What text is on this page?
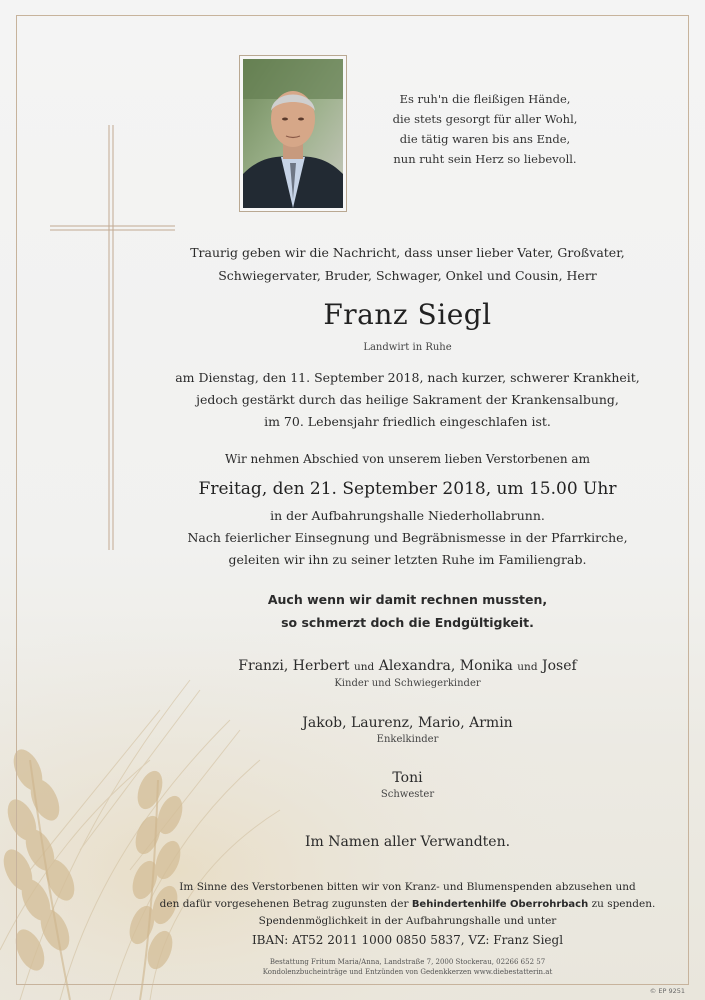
Es ruh'n die fleißigen Hände,
die stets gesorgt für aller Wohl,
die tätig waren bis ans Ende,
nun ruht sein Herz so liebevoll.
Traurig geben wir die Nachricht, dass unser lieber Vater, Großvater,
Schwiegervater, Bruder, Schwager, Onkel und Cousin, Herr
Franz Siegl
Landwirt in Ruhe
am Dienstag, den 11. September 2018, nach kurzer, schwerer Krankheit,
jedoch gestärkt durch das heilige Sakrament der Krankensalbung,
im 70. Lebensjahr friedlich eingeschlafen ist.
Wir nehmen Abschied von unserem lieben Verstorbenen am
Freitag, den 21. September 2018, um 15.00 Uhr
in der Aufbahrungshalle Niederhollabrunn.
Nach feierlicher Einsegnung und Begräbnismesse in der Pfarrkirche,
geleiten wir ihn zu seiner letzten Ruhe im Familiengrab.
Auch wenn wir damit rechnen mussten,
so schmerzt doch die Endgültigkeit.
Franzi, Herbert und Alexandra, Monika und Josef
Kinder und Schwiegerkinder
Jakob, Laurenz, Mario, Armin
Enkelkinder
Toni
Schwester
Im Namen aller Verwandten.
Im Sinne des Verstorbenen bitten wir von Kranz- und Blumenspenden abzusehen und
den dafür vorgesehenen Betrag zugunsten der Behindertenhilfe Oberrohrbach zu spenden.
Spendenmöglichkeit in der Aufbahrungshalle und unter
IBAN: AT52 2011 1000 0850 5837, VZ: Franz Siegl
Bestattung Fritum Maria/Anna, Landstraße 7, 2000 Stockerau, 02266 652 57
Kondolenzbucheinträge und Entzünden von Gedenkkerzen www.diebestatterin.at
© EP 9251
